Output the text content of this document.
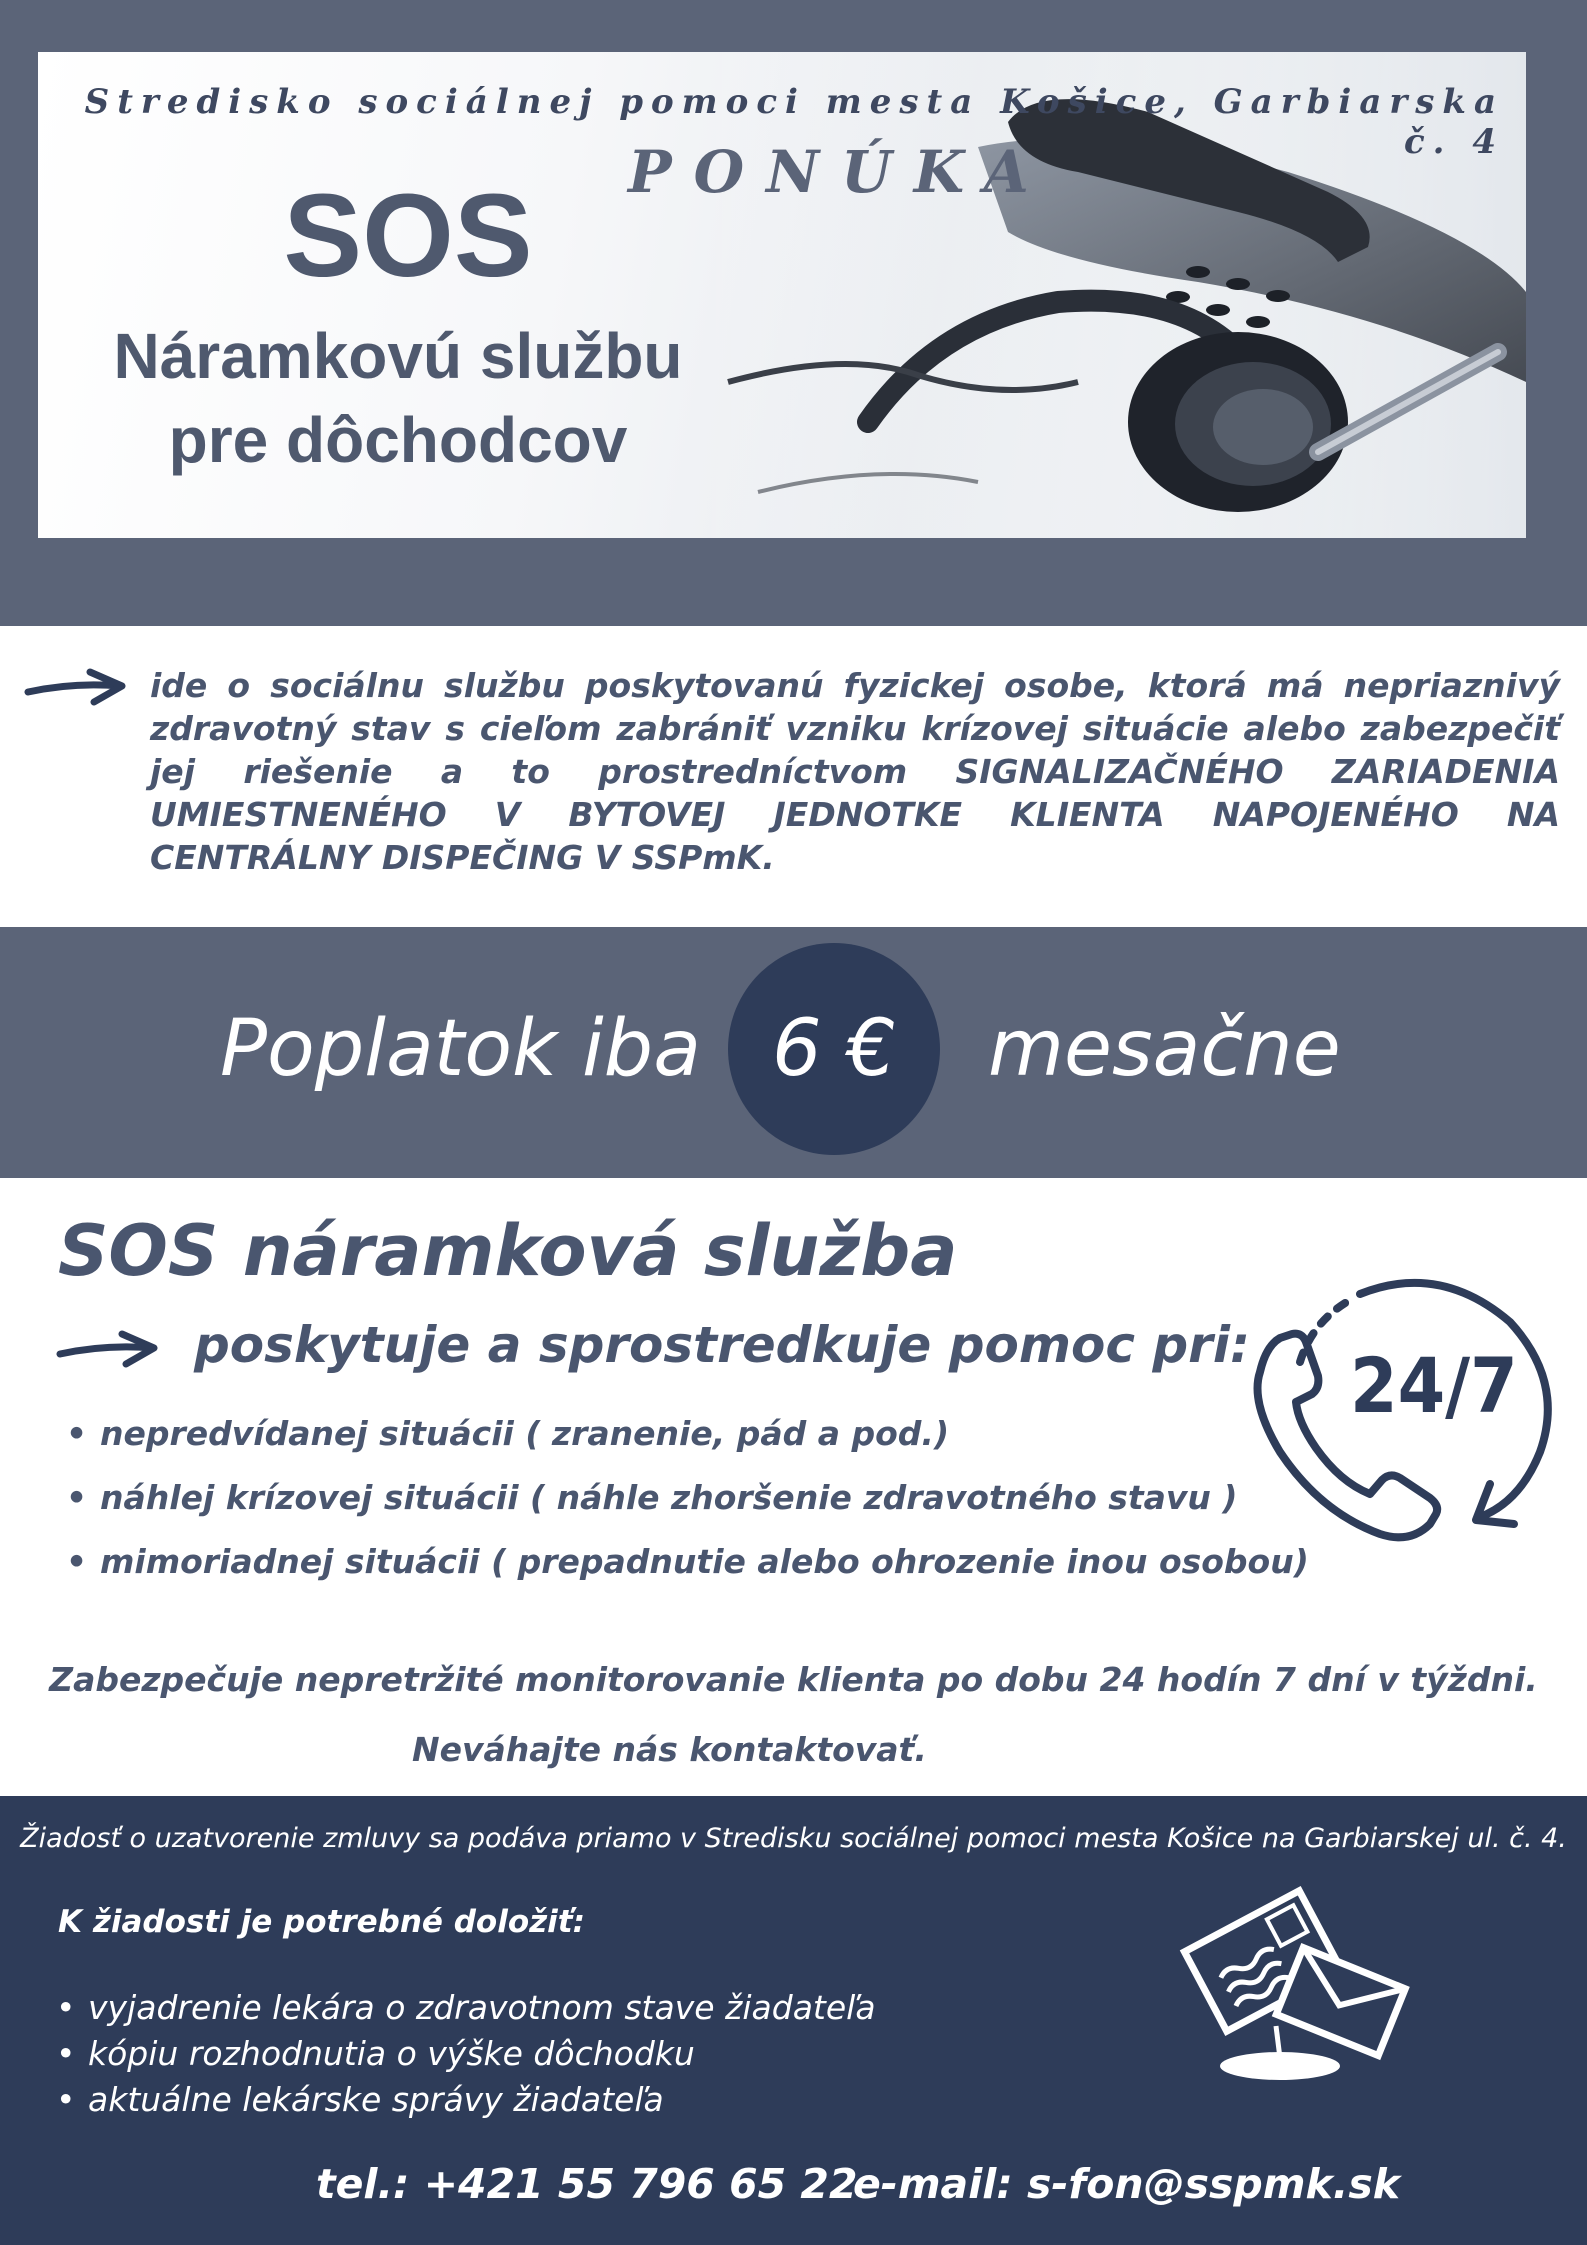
Stredisko sociálnej pomoci mesta Košice, Garbiarska č. 4
PONÚKA
SOS
Náramkovú službu
pre dôchodcov
ide o sociálnu službu poskytovanú fyzickej osobe, ktorá má nepriaznivý zdravotný stav s cieľom zabrániť vzniku krízovej situácie alebo zabezpečiť jej riešenie a to prostredníctvom SIGNALIZAČNÉHO ZARIADENIA UMIESTNENÉHO V BYTOVEJ JEDNOTKE KLIENTA NAPOJENÉHO NA CENTRÁLNY DISPEČING V SSPmK.
Poplatok iba 6 €	mesačne
SOS náramková služba
poskytuje a sprostredkuje pomoc pri:
• nepredvídanej situácii ( zranenie, pád a pod.)
• náhlej krízovej situácii ( náhle zhoršenie zdravotného stavu )
• mimoriadnej situácii ( prepadnutie alebo ohrozenie inou osobou)
24/7
Zabezpečuje nepretržité monitorovanie klienta po dobu 24 hodín 7 dní v týždni.
Neváhajte nás kontaktovať.
Žiadosť o uzatvorenie zmluvy sa podáva priamo v Stredisku sociálnej pomoci mesta Košice na Garbiarskej ul. č. 4.
K žiadosti je potrebné doložiť:
• vyjadrenie lekára o zdravotnom stave žiadateľa
• kópiu rozhodnutia o výške dôchodku
• aktuálne lekárske správy žiadateľa
tel.: +421 55 796 65 22
e-mail: s-fon@sspmk.sk
